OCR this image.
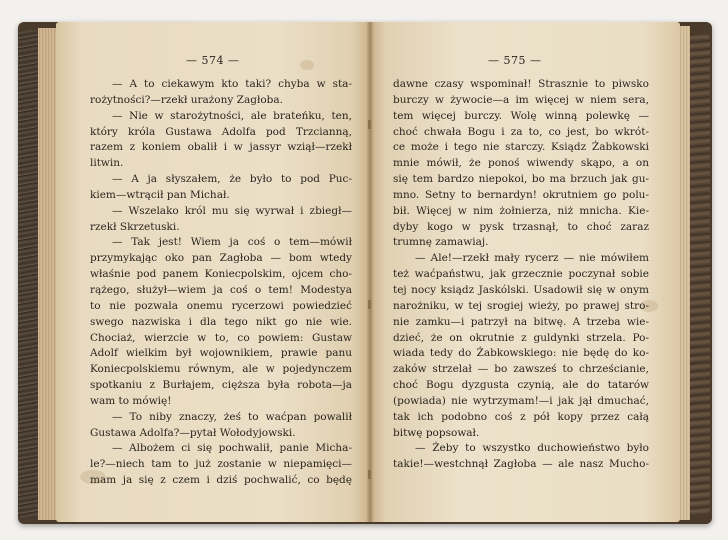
— 574 —	— 575 —
— A to ciekawym kto taki? chyba w sta-
rożytności?—rzekł urażony Zagłoba.
— Nie w starożytności, ale brateńku, ten,
który króla Gustawa Adolfa pod Trzcianną,
razem z koniem obalił i w jassyr wziął—rzekł
litwin.
— A ja słyszałem, że było to pod Puc-
kiem—wtrącił pan Michał.
— Wszelako król mu się wyrwał i zbiegł—
rzekł Skrzetuski.
— Tak jest! Wiem ja coś o tem—mówił
przymykając oko pan Zagłoba — bom wtedy
właśnie pod panem Koniecpolskim, ojcem cho-
rążego, służył—wiem ja coś o tem! Modestya
to nie pozwala onemu rycerzowi powiedzieć
swego nazwiska i dla tego nikt go nie wie.
Chociaż, wierzcie w to, co powiem: Gustaw
Adolf wielkim był wojownikiem, prawie panu
Koniecpolskiemu równym, ale w pojedynczem
spotkaniu z Burłajem, cięższa była robota—ja
wam to mówię!
— To niby znaczy, żeś to waćpan powalił
Gustawa Adolfa?—pytał Wołodyjowski.
— Albożem ci się pochwalił, panie Micha-
le?—niech tam to już zostanie w niepamięci—
mam ja się z czem i dziś pochwalić, co będę
dawne czasy wspominał! Strasznie to piwsko
burczy w żywocie—a im więcej w niem sera,
tem więcej burczy. Wolę winną polewkę —
choć chwała Bogu i za to, co jest, bo wkrót-
ce może i tego nie starczy. Ksiądz Żabkowski
mnie mówił, że ponoś wiwendy skąpo, a on
się tem bardzo niepokoi, bo ma brzuch jak gu-
mno. Setny to bernardyn! okrutniem go polu-
bił. Więcej w nim żołnierza, niż mnicha. Kie-
dyby kogo w pysk trzasnął, to choć zaraz
trumnę zamawiaj.
— Ale!—rzekł mały rycerz — nie mówiłem
też waćpaństwu, jak grzecznie poczynał sobie
tej nocy ksiądz Jaskólski. Usadowił się w onym
narożniku, w tej srogiej wieży, po prawej stro-
nie zamku—i patrzył na bitwę. A trzeba wie-
dzieć, że on okrutnie z guldynki strzela. Po-
wiada tedy do Żabkowskiego: nie będę do ko-
zaków strzelał — bo zawsześ to chrześcianie,
choć Bogu dyzgusta czynią, ale do tatarów
(powiada) nie wytrzymam!—i jak jął dmuchać,
tak ich podobno coś z pół kopy przez całą
bitwę popsował.
— Żeby to wszystko duchowieństwo było
takie!—westchnął Zagłoba — ale nasz Mucho-
